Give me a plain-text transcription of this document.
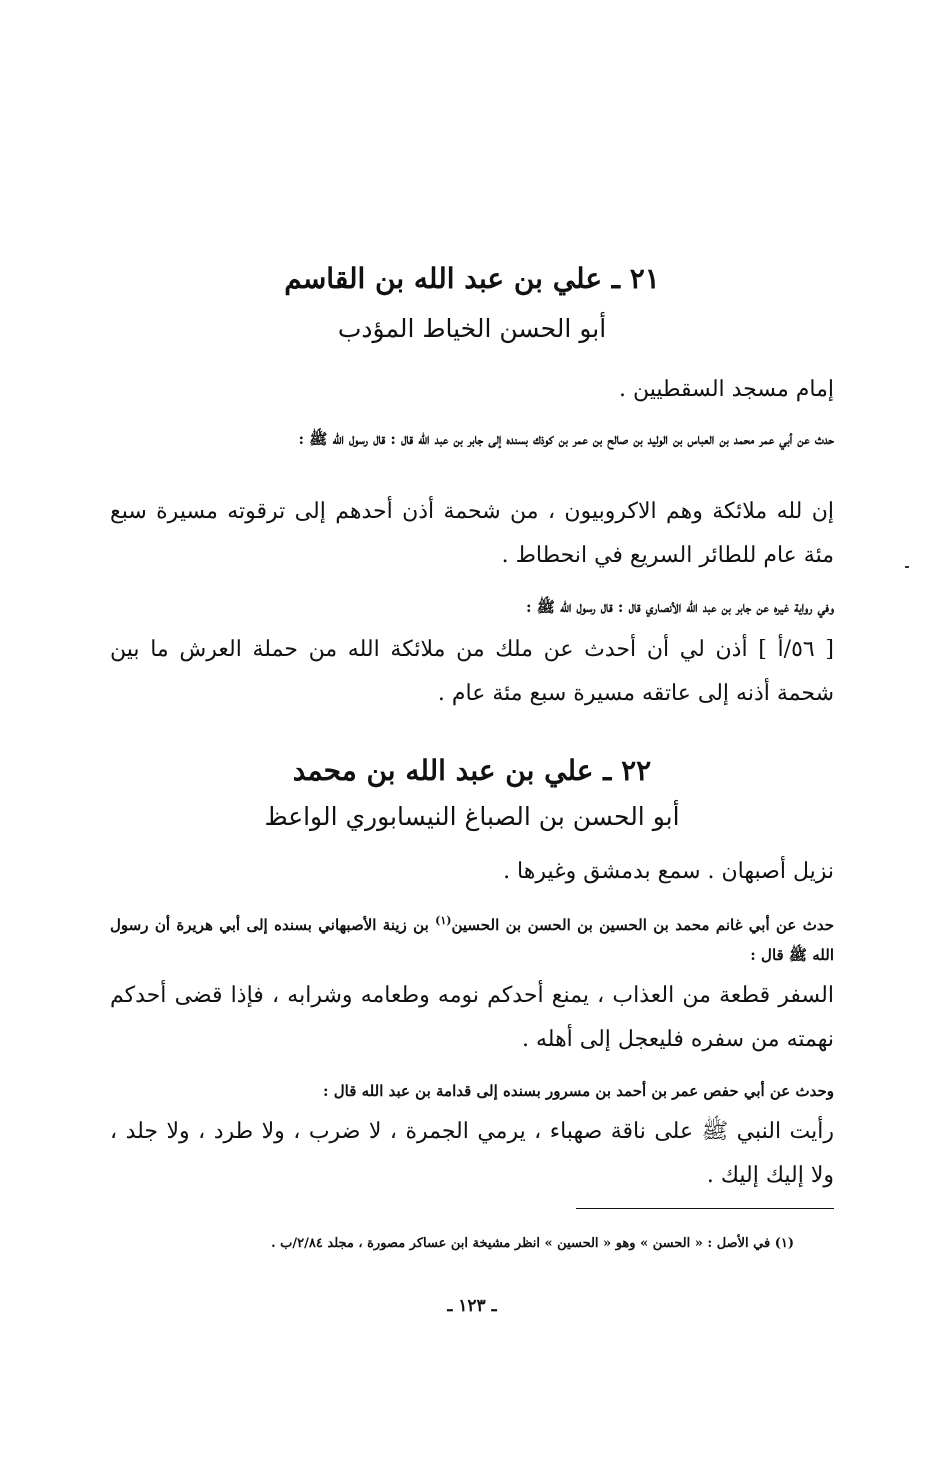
٢١ ـ علي بن عبد الله بن القاسم
أبو الحسن الخياط المؤدب
إمام مسجد السقطيين .
حدث عن أبي عمر محمد بن العباس بن الوليد بن صالح بن عمر بن كوذك بسنده إلى جابر بن عبد الله قال : قال رسول الله ﷺ :
إن لله ملائكة وهم الاكروبيون ، من شحمة أذن أحدهم إلى ترقوته مسيرة سبع مئة عام للطائر السريع في انحطاط .
وفي رواية غيره عن جابر بن عبد الله الأنصاري قال : قال رسول الله ﷺ :
[ ٥٦/أ ] أذن لي أن أحدث عن ملك من ملائكة الله من حملة العرش ما بين شحمة أذنه إلى عاتقه مسيرة سبع مئة عام .
٢٢ ـ علي بن عبد الله بن محمد
أبو الحسن بن الصباغ النيسابوري الواعظ
نزيل أصبهان . سمع بدمشق وغيرها .
حدث عن أبي غانم محمد بن الحسين بن الحسن بن الحسين$^{(١)}$ بن زينة الأصبهاني بسنده إلى أبي هريرة أن رسول الله ﷺ قال :
السفر قطعة من العذاب ، يمنع أحدكم نومه وطعامه وشرابه ، فإذا قضى أحدكم نهمته من سفره فليعجل إلى أهله .
وحدث عن أبي حفص عمر بن أحمد بن مسرور بسنده إلى قدامة بن عبد الله قال :
رأيت النبي ﷺ على ناقة صهباء ، يرمي الجمرة ، لا ضرب ، ولا طرد ، ولا جلد ، ولا إليك إليك .
(١) في الأصل : « الحسن » وهو « الحسين » انظر مشيخة ابن عساكر مصورة ، مجلد ٢/٨٤/ب .
ـ ١٢٣ ـ
